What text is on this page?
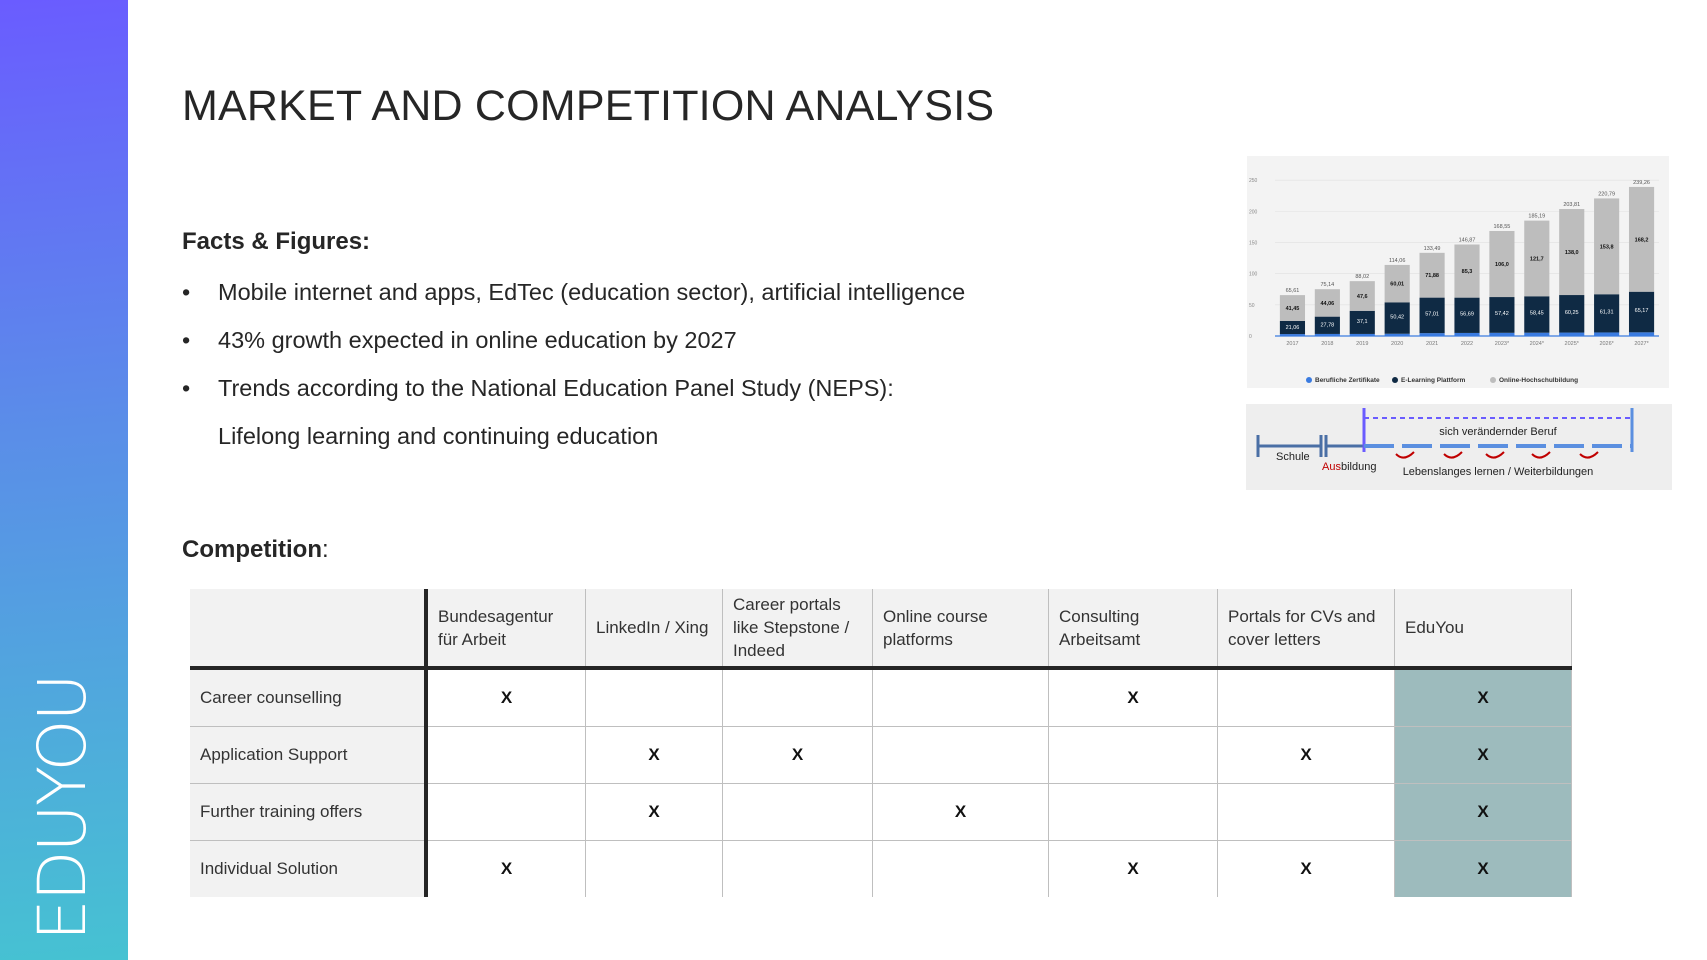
EDUYOU
MARKET AND COMPETITION ANALYSIS
Facts & Figures:
• Mobile internet and apps, EdTec (education sector), artificial intelligence
• 43% growth expected in online education by 2027
• Trends according to the National Education Panel Study (NEPS):
Lifelong learning and continuing education
Competition:
	Bundesagentur für Arbeit	LinkedIn / Xing	Career portals like Stepstone / Indeed	Online course platforms	Consulting Arbeitsamt	Portals for CVs and cover letters	EduYou
Career counselling	X				X		X
Application Support		X	X			X	X
Further training offers		X		X			X
Individual Solution	X				X	X	X
0
50
100
150
200
250
65,61
41,45
21,06
2017
75,14
44,06
27,78
2018
88,02
47,6
37,1
2019
114,06
60,01
50,42
2020
133,49
71,88
57,01
2021
146,87
85,3
56,69
2022
168,55
106,0
57,42
2023*
185,19
121,7
58,45
2024*
203,81
138,0
60,25
2025*
220,79
153,8
61,31
2026*
239,26
168,2
65,17
2027*
Berufliche Zertifikate	E-Learning Plattform	Online-Hochschulbildung
Schule
Ausbildung
sich verändernder Beruf
Lebenslanges lernen / Weiterbildungen
